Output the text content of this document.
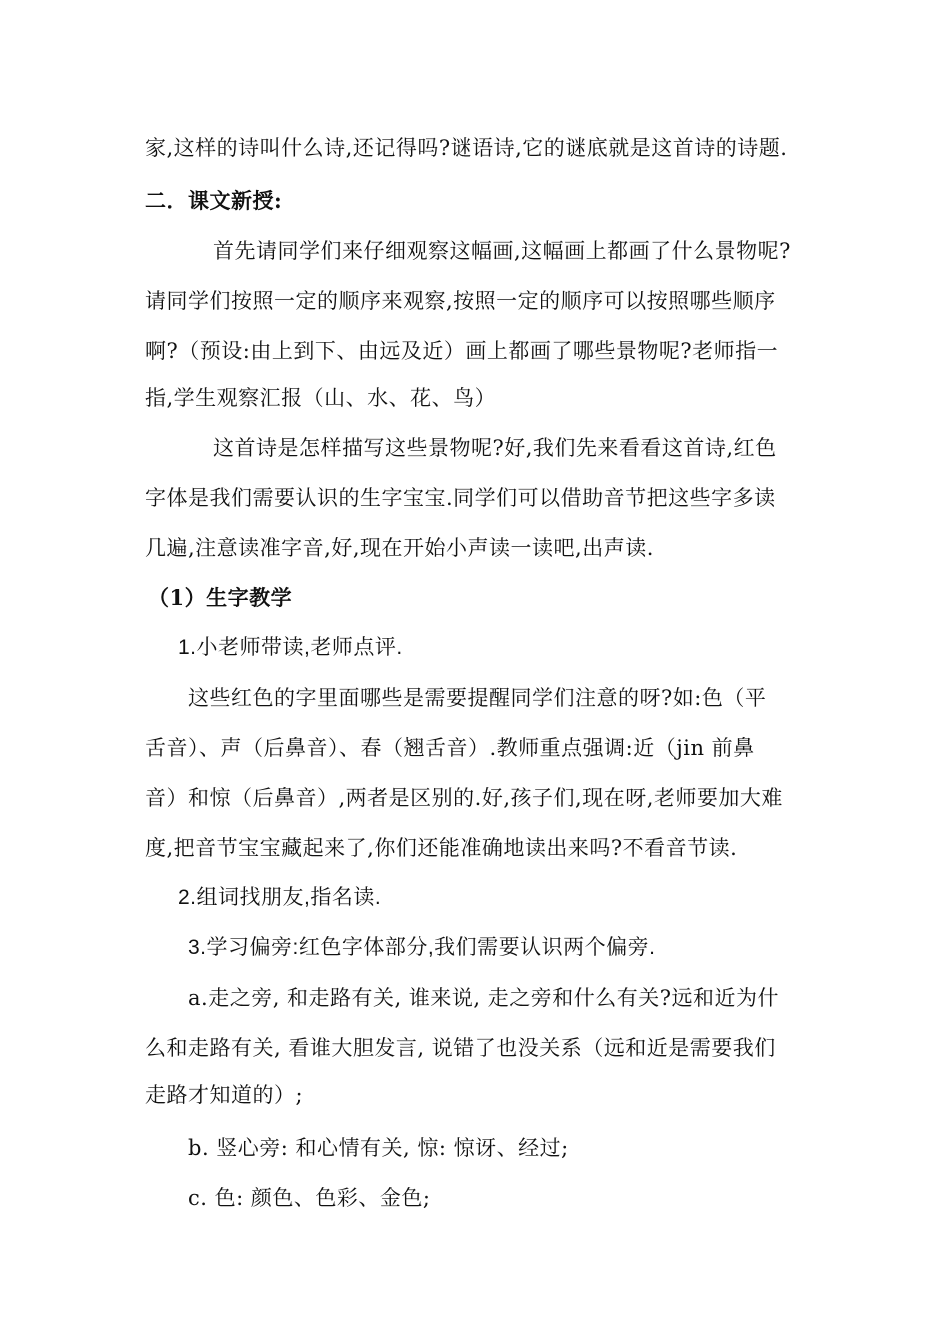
家,这样的诗叫什么诗,还记得吗?谜语诗,它的谜底就是这首诗的诗题.
二．课文新授:
首先请同学们来仔细观察这幅画,这幅画上都画了什么景物呢?
请同学们按照一定的顺序来观察,按照一定的顺序可以按照哪些顺序
啊?（预设:由上到下、由远及近）画上都画了哪些景物呢?老师指一
指,学生观察汇报（山、水、花、鸟）
这首诗是怎样描写这些景物呢?好,我们先来看看这首诗,红色
字体是我们需要认识的生字宝宝.同学们可以借助音节把这些字多读
几遍,注意读准字音,好,现在开始小声读一读吧,出声读.
（1）生字教学
1.小老师带读,老师点评.
这些红色的字里面哪些是需要提醒同学们注意的呀?如:色（平
舌音）、声（后鼻音）、春（翘舌音）.教师重点强调:近（jin 前鼻
音）和惊（后鼻音）,两者是区别的.好,孩子们,现在呀,老师要加大难
度,把音节宝宝藏起来了,你们还能准确地读出来吗?不看音节读.
2.组词找朋友,指名读.
3.学习偏旁:红色字体部分,我们需要认识两个偏旁.
a.走之旁, 和走路有关, 谁来说, 走之旁和什么有关?远和近为什
么和走路有关, 看谁大胆发言, 说错了也没关系（远和近是需要我们
走路才知道的）;
b. 竖心旁: 和心情有关, 惊: 惊讶、经过;
c. 色: 颜色、色彩、金色;
